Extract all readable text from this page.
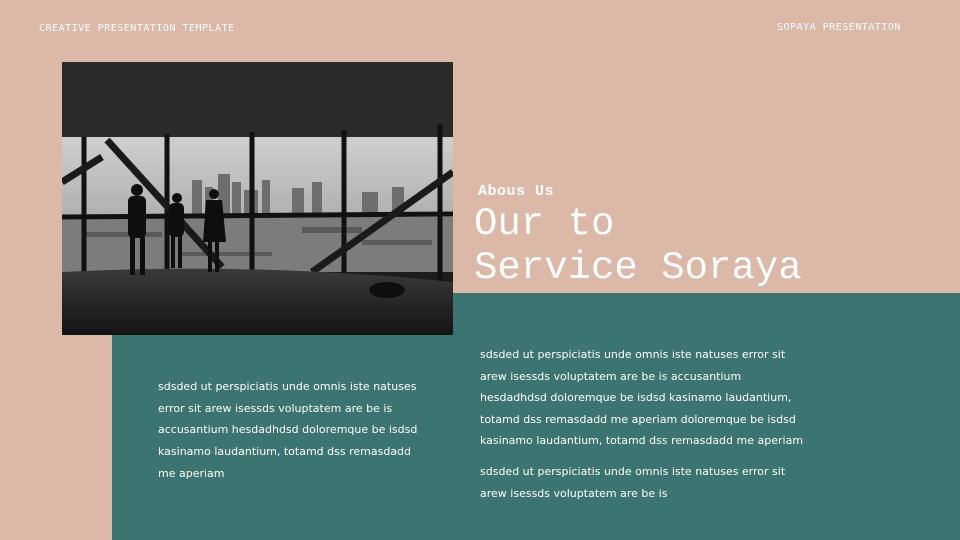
CREATIVE PRESENTATION TEMPLATE	SOPAYA PRESENTATION
Abous Us
Our to
Service Soraya
sdsded ut perspiciatis unde omnis iste natuses error sit arew isessds voluptatem are be is accusantium hesdadhdsd doloremque be isdsd kasinamo laudantium, totamd dss remasdadd me aperiam
sdsded ut perspiciatis unde omnis iste natuses error sit arew isessds voluptatem are be is accusantium hesdadhdsd doloremque be isdsd kasinamo laudantium, totamd dss remasdadd me aperiam doloremque be isdsd kasinamo laudantium, totamd dss remasdadd me aperiam
sdsded ut perspiciatis unde omnis iste natuses error sit arew isessds voluptatem are be is
